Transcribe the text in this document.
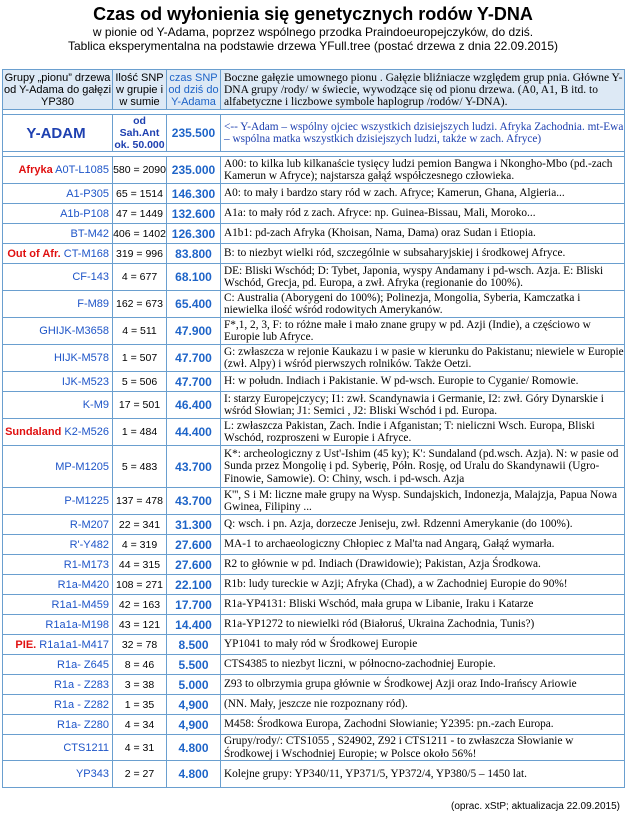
Czas od wyłonienia się genetycznych rodów Y-DNA
w pionie od Y-Adama, poprzez wspólnego przodka Praindoeuropejczyków, do dziś.
Tablica eksperymentalna na podstawie drzewa YFull.tree (postać drzewa z dnia 22.09.2015)
Grupy „pionu” drzewa od Y-Adama do gałęzi YP380	Ilość SNP w grupie i w sumie	czas SNP od dziś do Y-Adama	Boczne gałęzie umownego pionu . Gałęzie bliźniacze względem grup pnia. Główne Y-DNA grupy /rody/ w świecie, wywodzące się od pionu drzewa. (A0, A1, B itd. to alfabetyczne i liczbowe symbole haplogrup /rodów/ Y-DNA).

Y-ADAM	od Sah.Ant ok. 50.000	235.500	<-- Y-Adam – wspólny ojciec wszystkich dzisiejszych ludzi. Afryka Zachodnia. mt-Ewa – wspólna matka wszystkich dzisiejszych ludzi, także w zach. Afryce)

Afryka A0T-L1085	580 = 2090	235.000	A00: to kilka lub kilkanaście tysięcy ludzi pemion Bangwa i Nkongho-Mbo (pd.-zach Kamerun w Afryce); najstarsza gałąź współczesnego człowieka.
A1-P305	65 = 1514	146.300	A0: to mały i bardzo stary ród w zach. Afryce; Kamerun, Ghana, Algieria...
A1b-P108	47 = 1449	132.600	A1a: to mały ród z zach. Afryce: np. Guinea-Bissau, Mali, Moroko...
BT-M42	406 = 1402	126.300	A1b1: pd-zach Afryka (Khoisan, Nama, Dama) oraz Sudan i Etiopia.
Out of Afr. CT-M168	319 = 996	83.800	B: to niezbyt wielki ród, szczególnie w subsaharyjskiej i środkowej Afryce.
CF-143	4 = 677	68.100	DE: Bliski Wschód; D: Tybet, Japonia, wyspy Andamany i pd-wsch. Azja. E: Bliski Wschód, Grecja, pd. Europa, a zwł. Afryka (regionanie do 100%).
F-M89	162 = 673	65.400	C: Australia (Aborygeni do 100%); Polinezja, Mongolia, Syberia, Kamczatka i niewielka ilość wśród rodowitych Amerykanów.
GHIJK-M3658	4 = 511	47.900	F*,1, 2, 3, F: to różne małe i mało znane grupy w pd. Azji (Indie), a częściowo w Europie lub Afryce.
HIJK-M578	1 = 507	47.700	G: zwłaszcza w rejonie Kaukazu i w pasie w kierunku do Pakistanu; niewiele w Europie (zwł. Alpy) i wśród pierwszych rolników. Także Oetzi.
IJK-M523	5 = 506	47.700	H: w połudn. Indiach i Pakistanie. W pd-wsch. Europie to Cyganie/ Romowie.
K-M9	17 = 501	46.400	I: starzy Europejczycy; I1: zwł. Scandynawia i Germanie, I2: zwł. Góry Dynarskie i wśród Słowian; J1: Semici , J2: Bliski Wschód i pd. Europa.
Sundaland K2-M526	1 = 484	44.400	L: zwłaszcza Pakistan, Zach. Indie i Afganistan; T: nieliczni Wsch. Europa, Bliski Wschód, rozproszeni w Europie i Afryce.
MP-M1205	5 = 483	43.700	K*: archeologiczny z Ust'-Ishim (45 ky); K': Sundaland (pd.wsch. Azja). N: w pasie od Sunda przez Mongolię i pd. Syberię, Półn. Rosję, od Uralu do Skandynawii (Ugro-Finowie, Samowie). O: Chiny, wsch. i pd-wsch. Azja
P-M1225	137 = 478	43.700	K''', S i M: liczne małe grupy na Wysp. Sundajskich, Indonezja, Malajzja, Papua Nowa Gwinea, Filipiny ...
R-M207	22 = 341	31.300	Q: wsch. i pn. Azja, dorzecze Jeniseju, zwł. Rdzenni Amerykanie (do 100%).
R'-Y482	4 = 319	27.600	MA-1 to archaeologiczny Chłopiec z Mal'ta nad Angarą, Gałąź wymarła.
R1-M173	44 = 315	27.600	R2 to głównie w pd. Indiach (Drawidowie); Pakistan, Azja Środkowa.
R1a-M420	108 = 271	22.100	R1b: ludy tureckie w Azji; Afryka (Chad), a w Zachodniej Europie do 90%!
R1a1-M459	42 = 163	17.700	R1a-YP4131: Bliski Wschód, mała grupa w Libanie, Iraku i Katarze
R1a1a-M198	43 = 121	14.400	R1a-YP1272 to niewielki ród (Białoruś, Ukraina Zachodnia, Tunis?)
PIE. R1a1a1-M417	32 = 78	8.500	YP1041 to mały ród w Środkowej Europie
R1a- Z645	8 = 46	5.500	CTS4385 to niezbyt liczni, w północno-zachodniej Europie.
R1a - Z283	3 = 38	5.000	Z93 to olbrzymia grupa głównie w Środkowej Azji oraz Indo-Irańscy Ariowie
R1a - Z282	1 = 35	4,900	(NN. Mały, jeszcze nie rozpoznany ród).
R1a- Z280	4 = 34	4,900	M458: Środkowa Europa, Zachodni Słowianie; Y2395: pn.-zach Europa.
CTS1211	4 = 31	4.800	Grupy/rody/: CTS1055 , S24902, Z92 i CTS1211 - to zwłaszcza Słowianie w Środkowej i Wschodniej Europie; w Polsce około 56%!
YP343	2 = 27	4.800	Kolejne grupy: YP340/11, YP371/5, YP372/4, YP380/5 – 1450 lat.
(oprac. xStP; aktualizacja 22.09.2015)
